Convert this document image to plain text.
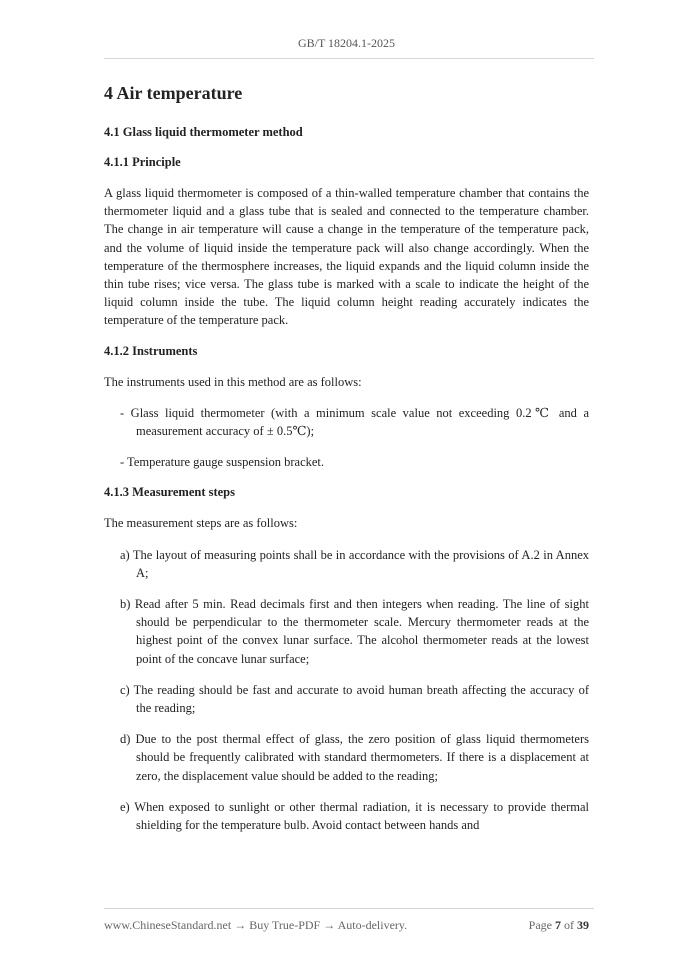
GB/T 18204.1-2025
4 Air temperature
4.1 Glass liquid thermometer method
4.1.1 Principle

A glass liquid thermometer is composed of a thin-walled temperature chamber that contains the thermometer liquid and a glass tube that is sealed and connected to the temperature chamber. The change in air temperature will cause a change in the temperature of the temperature pack, and the volume of liquid inside the temperature pack will also change accordingly. When the temperature of the thermosphere increases, the liquid expands and the liquid column inside the thin tube rises; vice versa. The glass tube is marked with a scale to indicate the height of the liquid column inside the tube. The liquid column height reading accurately indicates the temperature of the temperature pack.

4.1.2 Instruments

The instruments used in this method are as follows:

- Glass liquid thermometer (with a minimum scale value not exceeding 0.2℃ and a measurement accuracy of ± 0.5℃);
- Temperature gauge suspension bracket.
4.1.3 Measurement steps

The measurement steps are as follows:

a) The layout of measuring points shall be in accordance with the provisions of A.2 in Annex A;
b) Read after 5 min. Read decimals first and then integers when reading. The line of sight should be perpendicular to the thermometer scale. Mercury thermometer reads at the highest point of the convex lunar surface. The alcohol thermometer reads at the lowest point of the concave lunar surface;
c) The reading should be fast and accurate to avoid human breath affecting the accuracy of the reading;
d) Due to the post thermal effect of glass, the zero position of glass liquid thermometers should be frequently calibrated with standard thermometers. If there is a displacement at zero, the displacement value should be added to the reading;
e) When exposed to sunlight or other thermal radiation, it is necessary to provide thermal shielding for the temperature bulb. Avoid contact between hands and
www.ChineseStandard.net → Buy True-PDF → Auto-delivery.	Page 7 of 39
